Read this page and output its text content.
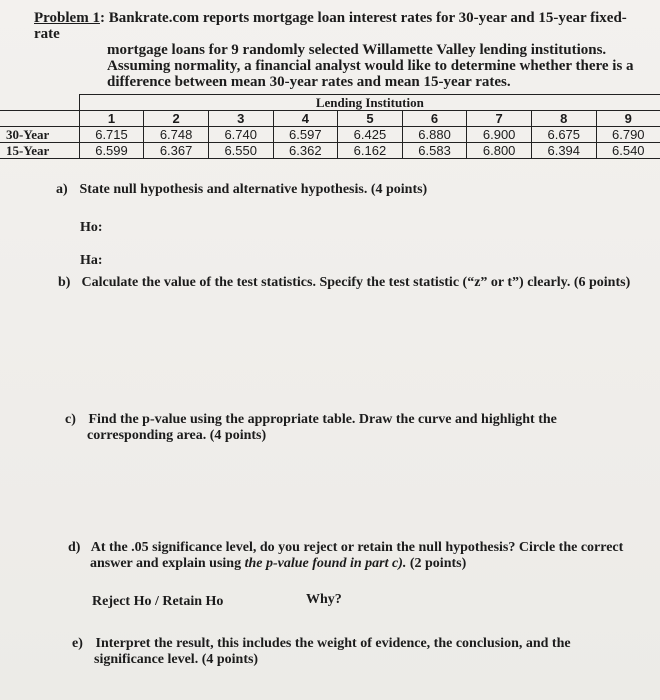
Problem 1: Bankrate.com reports mortgage loan interest rates for 30-year and 15-year fixed-rate
mortgage loans for 9 randomly selected Willamette Valley lending institutions.
Assuming normality, a financial analyst would like to determine whether there is a
difference between mean 30-year rates and mean 15-year rates.
	Lending Institution								
	1	2	3	4	5	6	7	8	9
30-Year	6.715	6.748	6.740	6.597	6.425	6.880	6.900	6.675	6.790
15-Year	6.599	6.367	6.550	6.362	6.162	6.583	6.800	6.394	6.540
a) State null hypothesis and alternative hypothesis. (4 points)
Ho:
Ha:
b) Calculate the value of the test statistics. Specify the test statistic (“z” or t”) clearly. (6 points)
c) Find the p-value using the appropriate table. Draw the curve and highlight the
corresponding area. (4 points)
d) At the .05 significance level, do you reject or retain the null hypothesis? Circle the correct
answer and explain using the p-value found in part c). (2 points)
Reject Ho / Retain Ho	Why?
e) Interpret the result, this includes the weight of evidence, the conclusion, and the
significance level. (4 points)
